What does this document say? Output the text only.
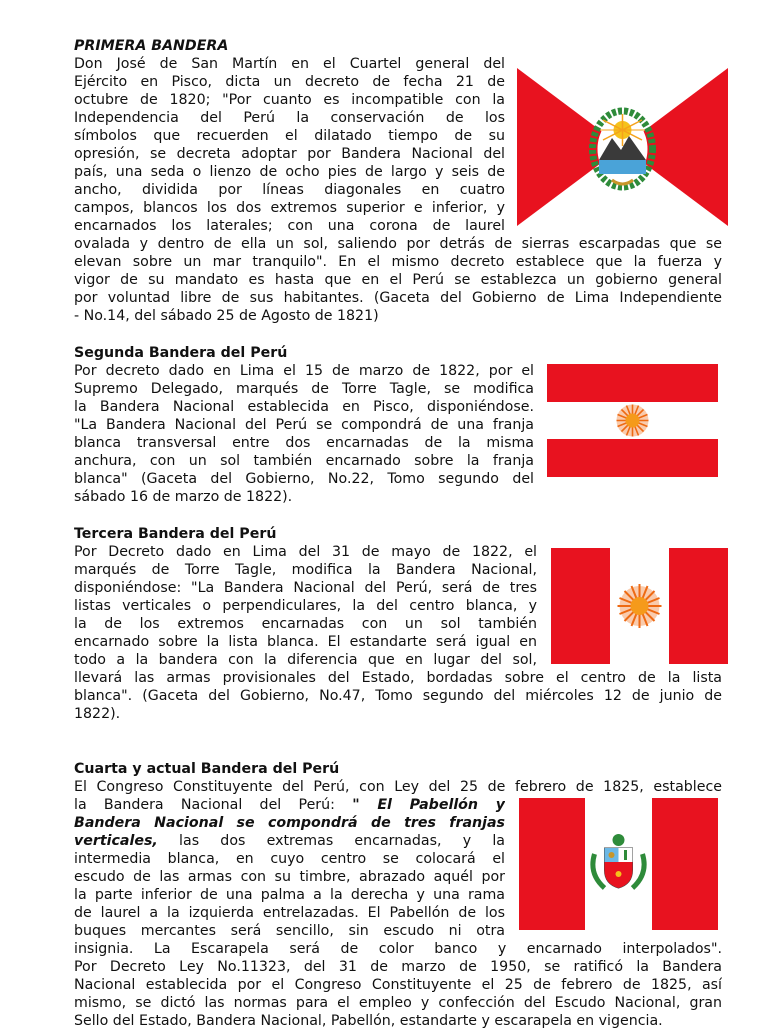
PRIMERA BANDERA
Don José de San Martín en el Cuartel general del
Ejército en Pisco, dicta un decreto de fecha 21 de
octubre de 1820; "Por cuanto es incompatible con la
Independencia del Perú la conservación de los
símbolos que recuerden el dilatado tiempo de su
opresión, se decreta adoptar por Bandera Nacional del
país, una seda o lienzo de ocho pies de largo y seis de
ancho, dividida por líneas diagonales en cuatro
campos, blancos los dos extremos superior e inferior, y
encarnados los laterales; con una corona de laurel
ovalada y dentro de ella un sol, saliendo por detrás de sierras escarpadas que se
elevan sobre un mar tranquilo". En el mismo decreto establece que la fuerza y
vigor de su mandato es hasta que en el Perú se establezca un gobierno general
por voluntad libre de sus habitantes. (Gaceta del Gobierno de Lima Independiente
- No.14, del sábado 25 de Agosto de 1821)
Segunda Bandera del Perú
Por decreto dado en Lima el 15 de marzo de 1822, por el
Supremo Delegado, marqués de Torre Tagle, se modifica
la Bandera Nacional establecida en Pisco, disponiéndose.
"La Bandera Nacional del Perú se compondrá de una franja
blanca transversal entre dos encarnadas de la misma
anchura, con un sol también encarnado sobre la franja
blanca" (Gaceta del Gobierno, No.22, Tomo segundo del
sábado 16 de marzo de 1822).
Tercera Bandera del Perú
Por Decreto dado en Lima del 31 de mayo de 1822, el
marqués de Torre Tagle, modifica la Bandera Nacional,
disponiéndose: "La Bandera Nacional del Perú, será de tres
listas verticales o perpendiculares, la del centro blanca, y
la de los extremos encarnadas con un sol también
encarnado sobre la lista blanca. El estandarte será igual en
todo a la bandera con la diferencia que en lugar del sol,
llevará las armas provisionales del Estado, bordadas sobre el centro de la lista
blanca". (Gaceta del Gobierno, No.47, Tomo segundo del miércoles 12 de junio de
1822).
Cuarta y actual Bandera del Perú
El Congreso Constituyente del Perú, con Ley del 25 de febrero de 1825, establece
la Bandera Nacional del Perú: " El Pabellón y
Bandera Nacional se compondrá de tres franjas
verticales, las dos extremas encarnadas, y la
intermedia blanca, en cuyo centro se colocará el
escudo de las armas con su timbre, abrazado aquél por
la parte inferior de una palma a la derecha y una rama
de laurel a la izquierda entrelazadas. El Pabellón de los
buques mercantes será sencillo, sin escudo ni otra
insignia. La Escarapela será de color banco y encarnado interpolados".
Por Decreto Ley No.11323, del 31 de marzo de 1950, se ratificó la Bandera
Nacional establecida por el Congreso Constituyente el 25 de febrero de 1825, así
mismo, se dictó las normas para el empleo y confección del Escudo Nacional, gran
Sello del Estado, Bandera Nacional, Pabellón, estandarte y escarapela en vigencia.
